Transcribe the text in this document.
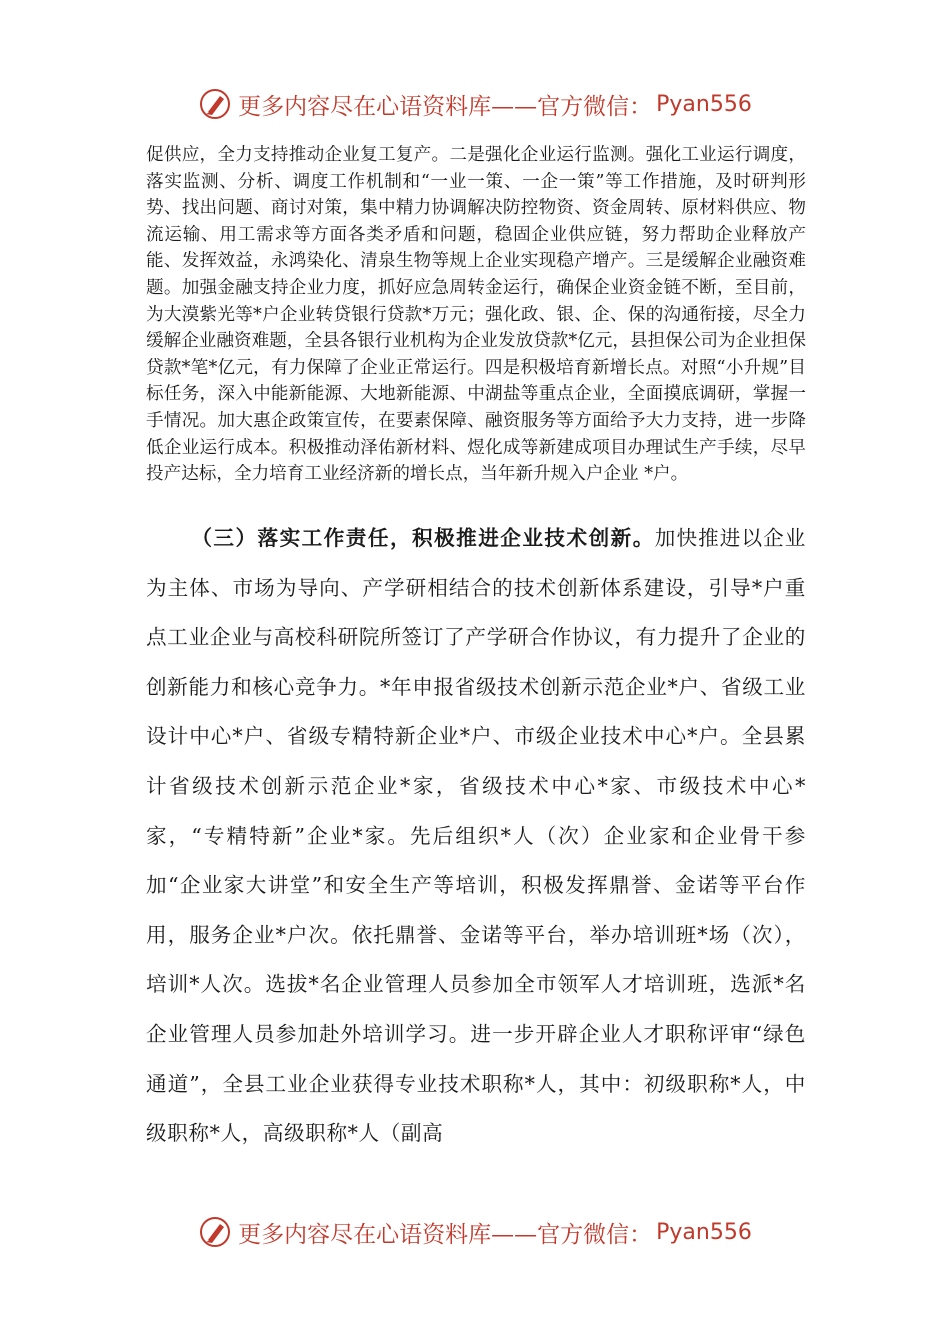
更多内容尽在心语资料库——官方微信： Pyan556

促供应，全力支持推动企业复工复产。二是强化企业运行监测。强化工业运行调度，落实监测、分析、调度工作机制和“一业一策、一企一策”等工作措施，及时研判形势、找出问题、商讨对策，集中精力协调解决防控物资、资金周转、原材料供应、物流运输、用工需求等方面各类矛盾和问题，稳固企业供应链，努力帮助企业释放产能、发挥效益，永鸿染化、清泉生物等规上企业实现稳产增产。三是缓解企业融资难题。加强金融支持企业力度，抓好应急周转金运行，确保企业资金链不断，至目前，为大漠紫光等*户企业转贷银行贷款*万元；强化政、银、企、保的沟通衔接，尽全力缓解企业融资难题，全县各银行业机构为企业发放贷款*亿元，县担保公司为企业担保贷款*笔*亿元，有力保障了企业正常运行。四是积极培育新增长点。对照“小升规”目标任务，深入中能新能源、大地新能源、中湖盐等重点企业，全面摸底调研，掌握一手情况。加大惠企政策宣传，在要素保障、融资服务等方面给予大力支持，进一步降低企业运行成本。积极推动泽佑新材料、煜化成等新建成项目办理试生产手续，尽早投产达标，全力培育工业经济新的增长点，当年新升规入户企业 *户。

（三）落实工作责任，积极推进企业技术创新。加快推进以企业为主体、市场为导向、产学研相结合的技术创新体系建设，引导*户重点工业企业与高校科研院所签订了产学研合作协议，有力提升了企业的创新能力和核心竞争力。*年申报省级技术创新示范企业*户、省级工业设计中心*户、省级专精特新企业*户、市级企业技术中心*户。全县累计省级技术创新示范企业*家，省级技术中心*家、市级技术中心*家，“专精特新”企业*家。先后组织*人（次）企业家和企业骨干参加“企业家大讲堂”和安全生产等培训，积极发挥鼎誉、金诺等平台作用，服务企业*户次。依托鼎誉、金诺等平台，举办培训班*场（次），培训*人次。选拔*名企业管理人员参加全市领军人才培训班，选派*名企业管理人员参加赴外培训学习。进一步开辟企业人才职称评审“绿色通道”，全县工业企业获得专业技术职称*人，其中：初级职称*人，中级职称*人，高级职称*人（副高

更多内容尽在心语资料库——官方微信： Pyan556
